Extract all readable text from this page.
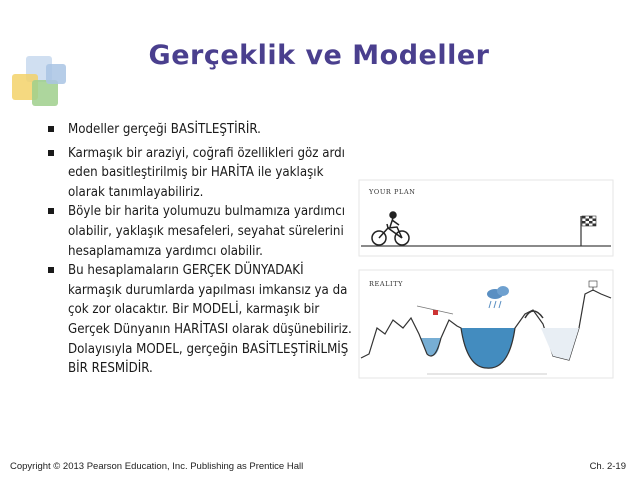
Gerçeklik ve Modeller
Modeller gerçeği BASİTLEŞTİRİR.
Karmaşık bir araziyi, coğrafi özellikleri göz ardı eden basitleştirilmiş bir HARİTA ile yaklaşık olarak tanımlayabiliriz.
Böyle bir harita yolumuzu bulmamıza yardımcı olabilir, yaklaşık mesafeleri, seyahat sürelerini hesaplamamıza yardımcı olabilir.
Bu hesaplamaların GERÇEK DÜNYADAKİ karmaşık durumlarda yapılması imkansız ya da çok zor olacaktır. Bir MODELİ, karmaşık bir Gerçek Dünyanın HARİTASI olarak düşünebiliriz. Dolayısıyla MODEL, gerçeğin BASİTLEŞTİRİLMİŞ BİR RESMİDİR.
YOUR PLAN
REALITY
Copyright © 2013 Pearson Education, Inc. Publishing as Prentice Hall	Ch. 2-19
